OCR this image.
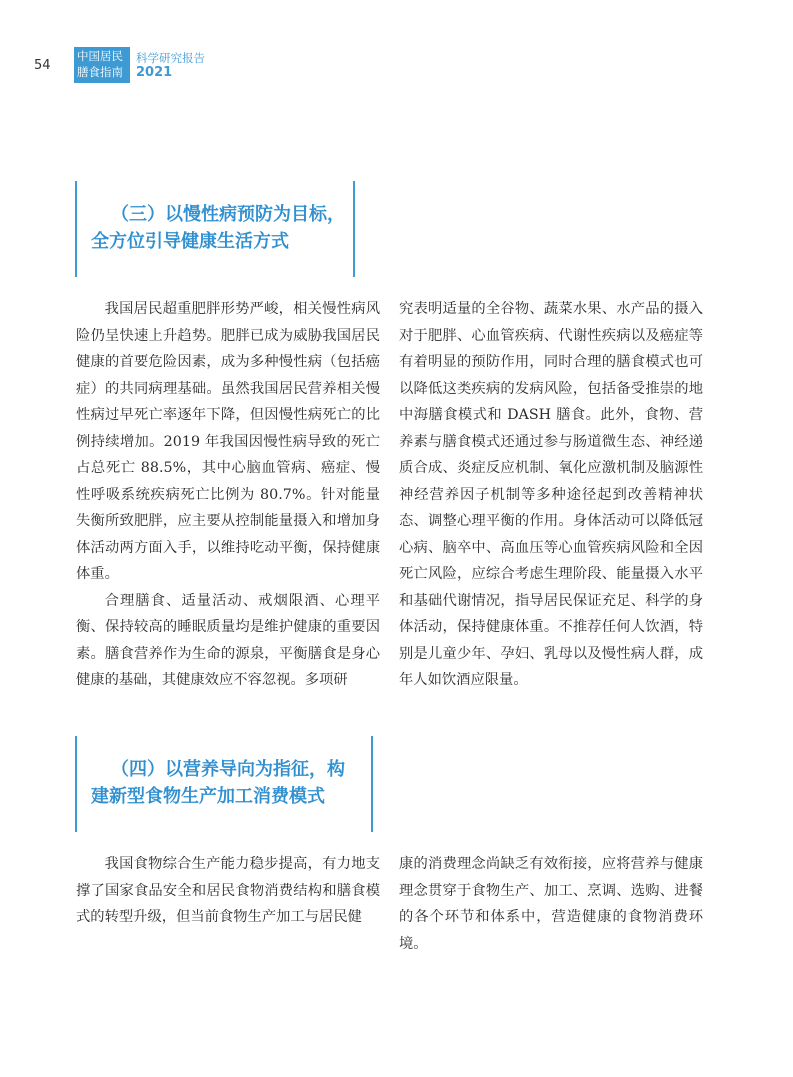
54
中国居民
膳食指南
科学研究报告
2021
（三）以慢性病预防为目标，
全方位引导健康生活方式

我国居民超重肥胖形势严峻，相关慢性病风险仍呈快速上升趋势。肥胖已成为威胁我国居民健康的首要危险因素，成为多种慢性病（包括癌症）的共同病理基础。虽然我国居民营养相关慢性病过早死亡率逐年下降，但因慢性病死亡的比例持续增加。2019 年我国因慢性病导致的死亡占总死亡 88.5%，其中心脑血管病、癌症、慢性呼吸系统疾病死亡比例为 80.7%。针对能量失衡所致肥胖，应主要从控制能量摄入和增加身体活动两方面入手，以维持吃动平衡，保持健康体重。

合理膳食、适量活动、戒烟限酒、心理平衡、保持较高的睡眠质量均是维护健康的重要因素。膳食营养作为生命的源泉，平衡膳食是身心健康的基础，其健康效应不容忽视。多项研

究表明适量的全谷物、蔬菜水果、水产品的摄入对于肥胖、心血管疾病、代谢性疾病以及癌症等有着明显的预防作用，同时合理的膳食模式也可以降低这类疾病的发病风险，包括备受推崇的地中海膳食模式和 DASH 膳食。此外，食物、营养素与膳食模式还通过参与肠道微生态、神经递质合成、炎症反应机制、氧化应激机制及脑源性神经营养因子机制等多种途径起到改善精神状态、调整心理平衡的作用。身体活动可以降低冠心病、脑卒中、高血压等心血管疾病风险和全因死亡风险，应综合考虑生理阶段、能量摄入水平和基础代谢情况，指导居民保证充足、科学的身体活动，保持健康体重。不推荐任何人饮酒，特别是儿童少年、孕妇、乳母以及慢性病人群，成年人如饮酒应限量。

（四）以营养导向为指征，构
建新型食物生产加工消费模式

我国食物综合生产能力稳步提高，有力地支撑了国家食品安全和居民食物消费结构和膳食模式的转型升级，但当前食物生产加工与居民健

康的消费理念尚缺乏有效衔接，应将营养与健康理念贯穿于食物生产、加工、烹调、选购、进餐的各个环节和体系中，营造健康的食物消费环境。
